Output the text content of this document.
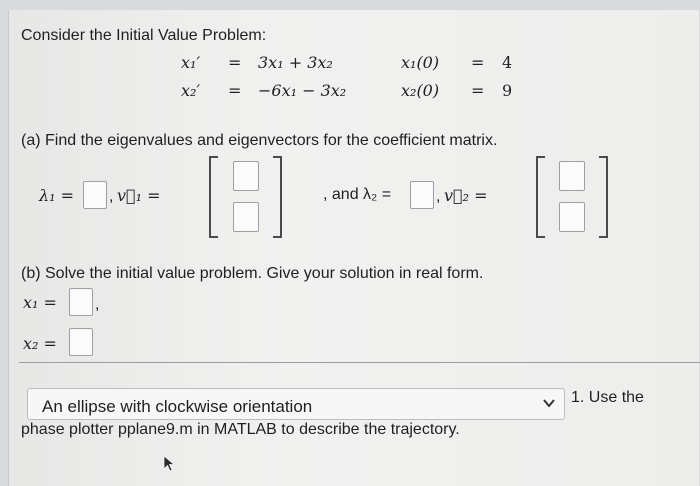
Consider the Initial Value Problem:
x₁′ = 3x₁ + 3x₂
x₂′ = −6x₁ − 3x₂
x₁(0) = 4
x₂(0) = 9
(a) Find the eigenvalues and eigenvectors for the coefficient matrix.
λ₁ = , v⃗₁ =	, and λ₂ =	, v⃗₂ =
(b) Solve the initial value problem. Give your solution in real form.
x₁ = ,
x₂ =
An ellipse with clockwise orientation	1. Use the
phase plotter pplane9.m in MATLAB to describe the trajectory.
